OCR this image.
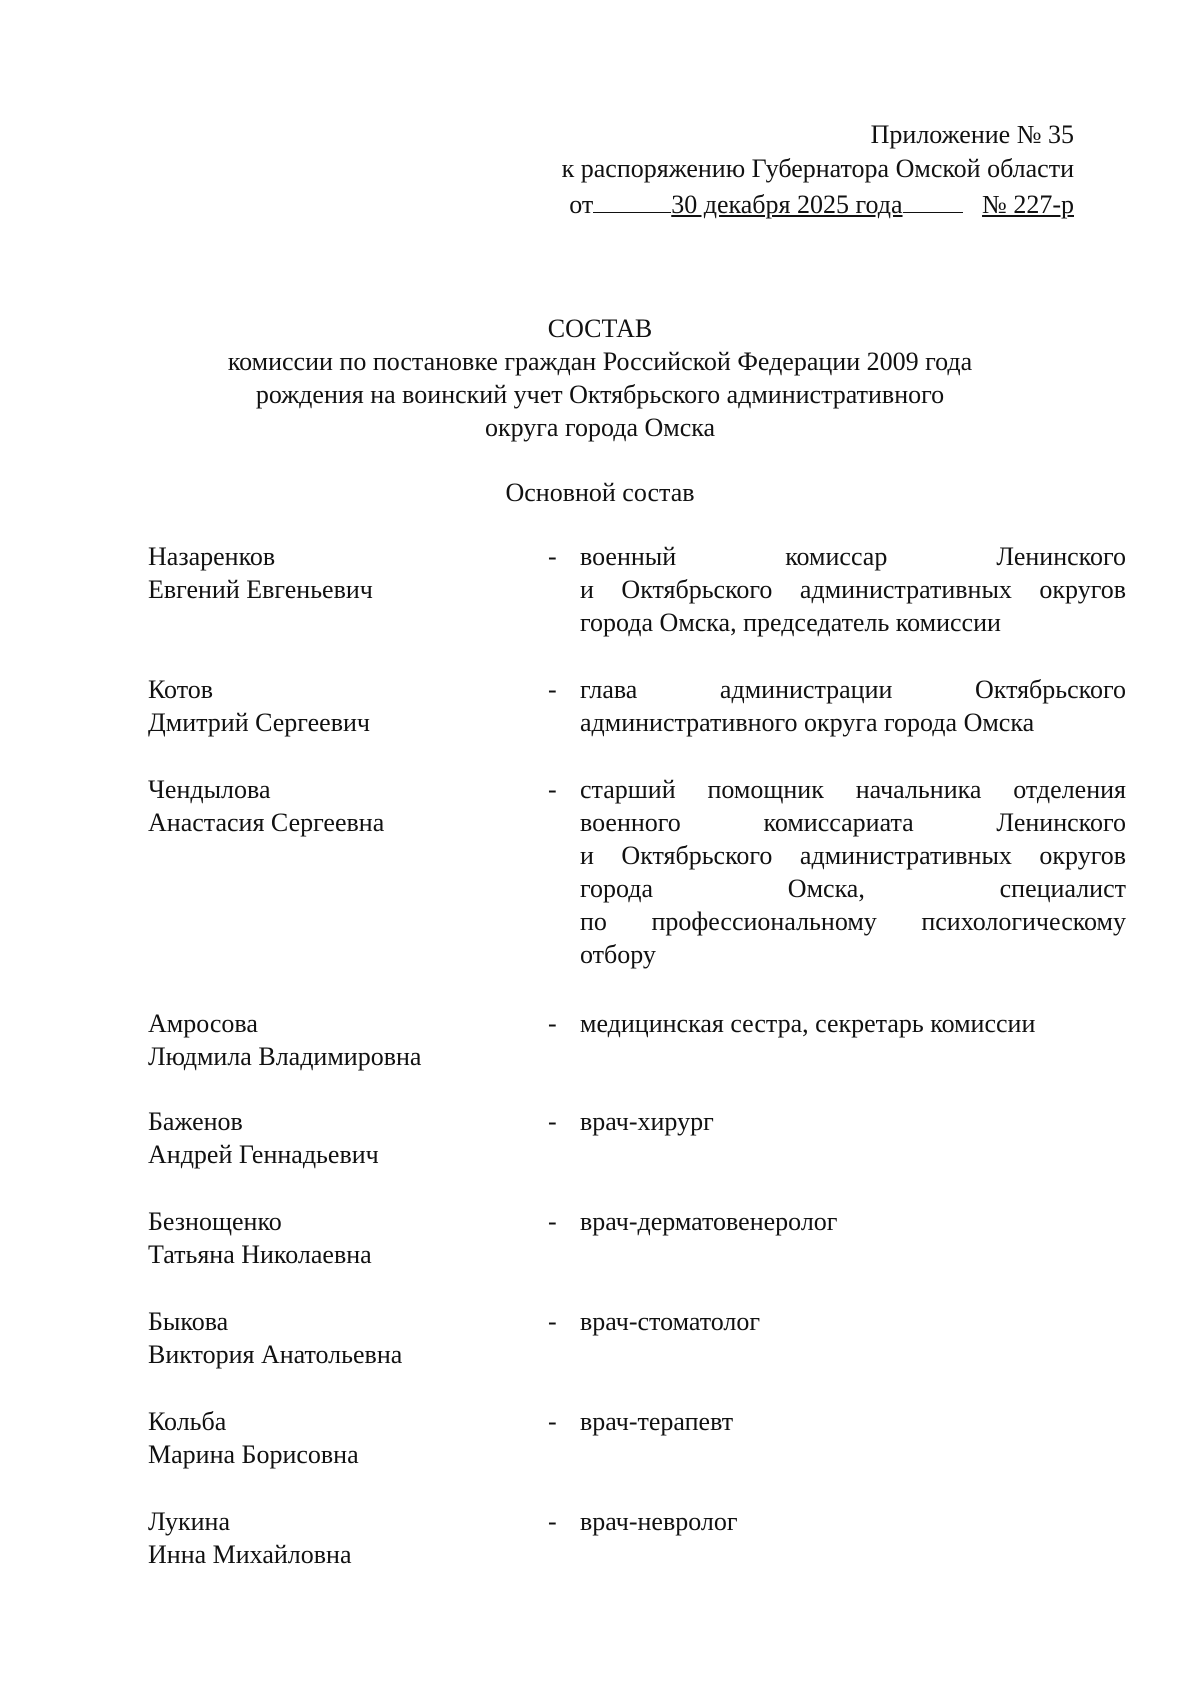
Приложение № 35
к распоряжению Губернатора Омской области
от	30 декабря 2025 года	№ 227-р
СОСТАВ
комиссии по постановке граждан Российской Федерации 2009 года
рождения на воинский учет Октябрьского административного
округа города Омска
Основной состав
Назаренков
Евгений Евгеньевич
- военный комиссар Ленинского
и Октябрьского административных округов
города Омска, председатель комиссии
Котов
Дмитрий Сергеевич
- глава администрации Октябрьского
административного округа города Омска
Чендылова
Анастасия Сергеевна
- старший помощник начальника отделения
военного комиссариата Ленинского
и Октябрьского административных округов
города Омска, специалист
по профессиональному психологическому
отбору
Амросова
Людмила Владимировна
- медицинская сестра, секретарь комиссии
Баженов
Андрей Геннадьевич
- врач-хирург
Безнощенко
Татьяна Николаевна
- врач-дерматовенеролог
Быкова
Виктория Анатольевна
- врач-стоматолог
Кольба
Марина Борисовна
- врач-терапевт
Лукина
Инна Михайловна
- врач-невролог
